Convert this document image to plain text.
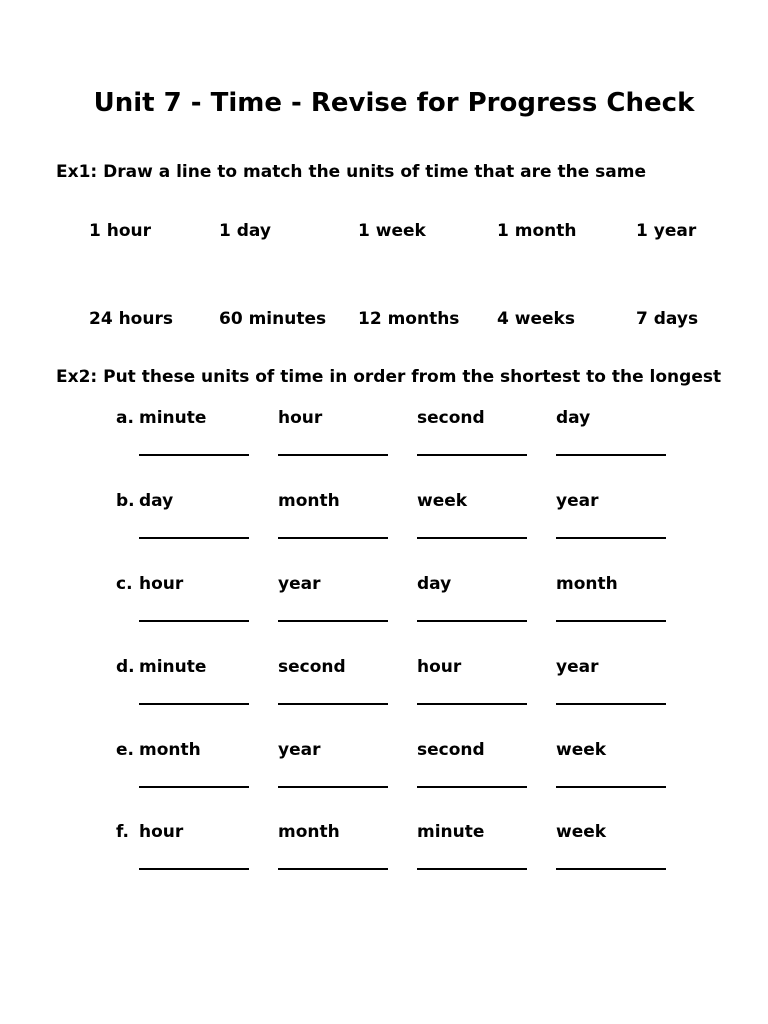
Unit 7 - Time - Revise for Progress Check
Ex1: Draw a line to match the units of time that are the same
1 hour	1 day	1 week	1 month	1 year
24 hours	60 minutes 12 months 4 weeks	7 days
Ex2: Put these units of time in order from the shortest to the longest
a. minute	hour	second	day
b. day	month	week	year
c. hour	year	day	month
d. minute	second	hour	year
e. month	year	second	week
f. hour	month	minute	week
